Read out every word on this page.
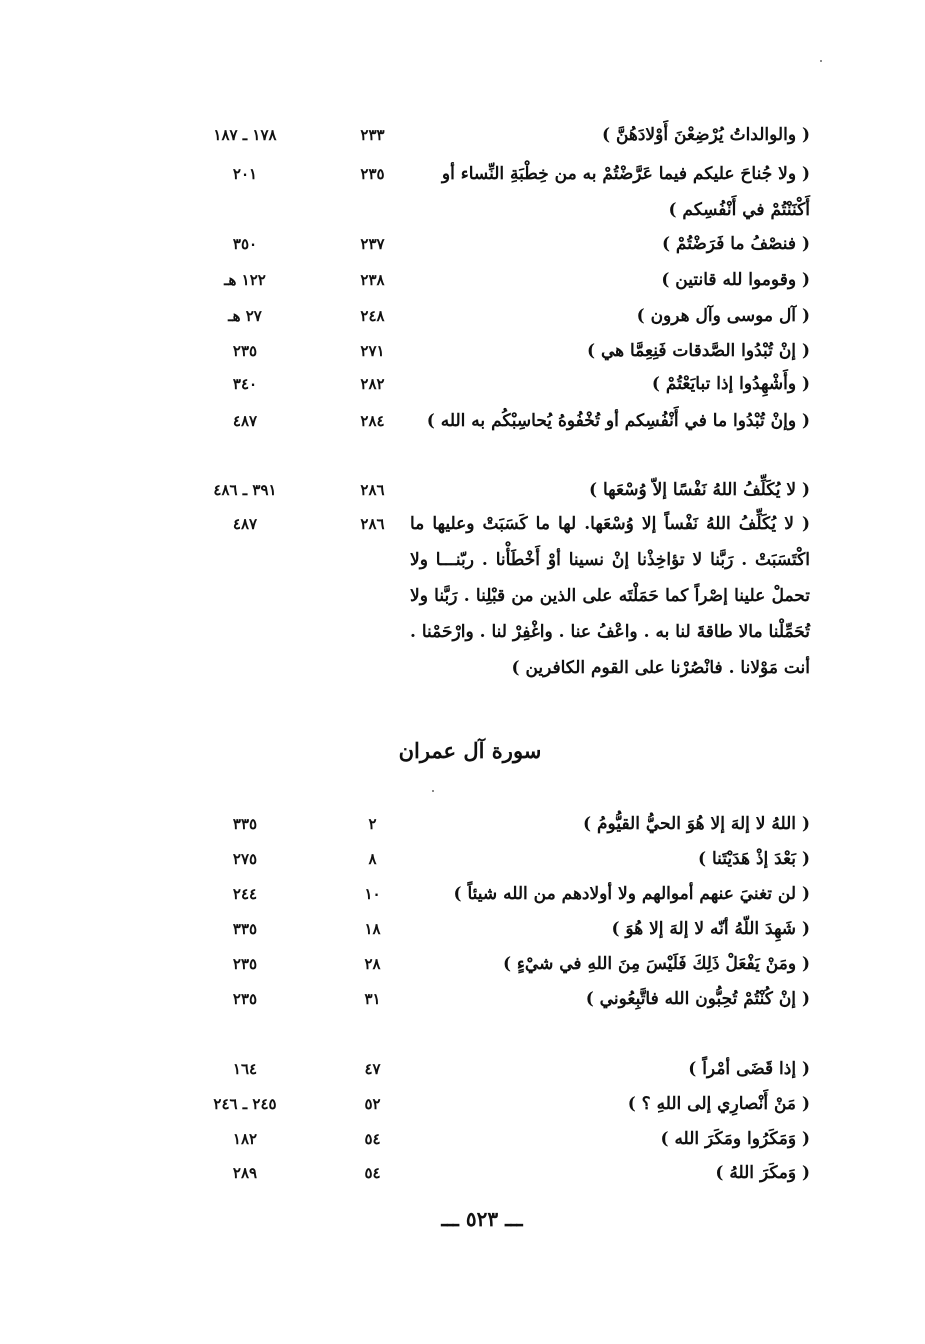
( والوالداتُ يُرْضِعْنَ أَوْلادَهُنَّ )
٢٣٣
١٧٨ ـ ١٨٧
( ولا جُناحَ عليكم فيما عَرَّضْتُمْ به من خِطْبَةِ النِّساء أو أَكْنَنْتُمْ في أَنْفُسِكم )
٢٣٥
٢٠١
( فنصْفُ ما فَرَضْتُمْ )
٢٣٧
٣٥٠
( وقوموا لله قانتين )
٢٣٨
١٢٢ هـ
( آل موسى وآل هرون )
٢٤٨
٢٧ هـ
( إنْ تُبْدُوا الصَّدقات فَنِعِمَّا هي )
٢٧١
٢٣٥
( وأَشْهِدُوا إذا تبايَعْتُمْ )
٢٨٢
٣٤٠
( وإنْ تُبْدُوا ما في أَنْفُسِكم أو تُخْفُوهُ يُحاسِبْكُم به الله )
٢٨٤
٤٨٧
( لا يُكَلِّفُ اللهُ نَفْسًا إلاّ وُسْعَها )
٢٨٦
٣٩١ ـ ٤٨٦
( لا يُكَلِّفُ اللهُ نَفْساً إلا وُسْعَها. لها ما كَسَبَتْ وعليها ما اكْتَسَبَتْ . رَبَّنا لا تؤاخِذْنا إنْ نسينا أوْ أَخْطَأْنا . ربّنـــا ولا تحملْ علينا إصْراً كما حَمَلْتَه على الذين من قبْلِنا . رَبَّنا ولا تُحَمِّلْنا مالا طاقةَ لنا به . واعْفُ عنا . واغْفِرْ لنا . وارْحَمْنا . أنت مَوْلانا . فانْصُرْنا على القوم الكافرين )
٢٨٦
٤٨٧
سورة آل عمران
( اللهُ لا إلهَ إلا هُوَ الحيُّ القيُّومُ )
٢
٣٣٥
( بَعْدَ إذْ هَدَيْتَنا )
٨
٢٧٥
( لن تغنيَ عنهم أموالهم ولا أولادهم من الله شيئاً )
١٠
٢٤٤
( شَهِدَ اللّهُ أنّه لا إلهَ إلا هُوَ )
١٨
٣٣٥
( ومَنْ يَفْعَلْ ذَلِكَ فَلَيْسَ مِنَ اللهِ في شيْءٍ )
٢٨
٢٣٥
( إنْ كُنْتُمْ تُحِبُّون الله فاتَّبِعُوني )
٣١
٢٣٥
( إذا قَضَى أمْراً )
٤٧
١٦٤
( مَنْ أَنْصارِي إلى اللهِ ؟ )
٥٢
٢٤٥ ـ ٢٤٦
( وَمَكَرُوا ومَكَرَ الله )
٥٤
١٨٢
( وَمكَرَ اللهُ )
٥٤
٢٨٩
ـــ ٥٢٣ ـــ
